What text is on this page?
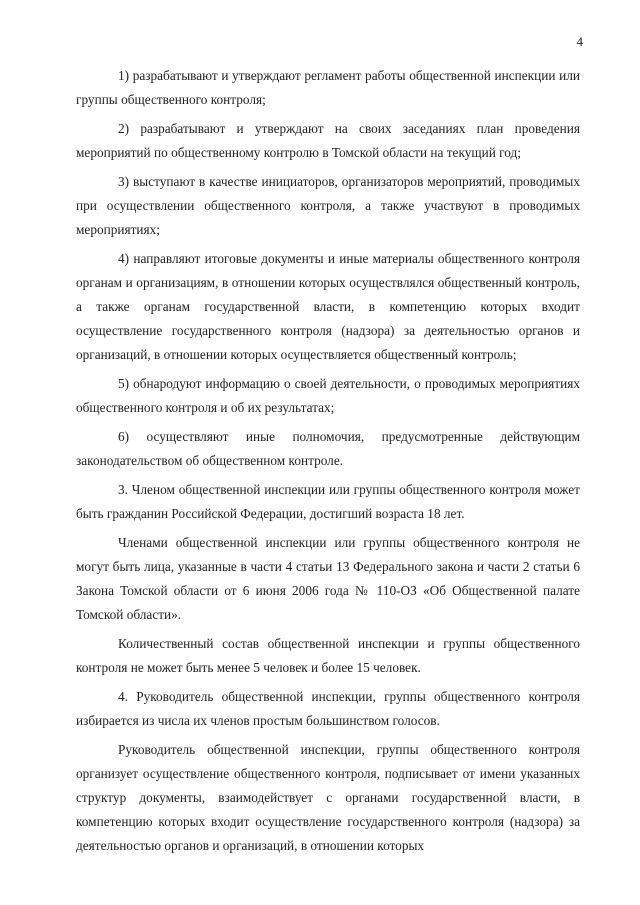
4

1) разрабатывают и утверждают регламент работы общественной инспекции или группы общественного контроля;

2) разрабатывают и утверждают на своих заседаниях план проведения мероприятий по общественному контролю в Томской области на текущий год;

3) выступают в качестве инициаторов, организаторов мероприятий, проводимых при осуществлении общественного контроля, а также участвуют в проводимых мероприятиях;

4) направляют итоговые документы и иные материалы общественного контроля органам и организациям, в отношении которых осуществлялся общественный контроль, а также органам государственной власти, в компетенцию которых входит осуществление государственного контроля (надзора) за деятельностью органов и организаций, в отношении которых осуществляется общественный контроль;

5) обнародуют информацию о своей деятельности, о проводимых мероприятиях общественного контроля и об их результатах;

6) осуществляют иные полномочия, предусмотренные действующим законодательством об общественном контроле.

3. Членом общественной инспекции или группы общественного контроля может быть гражданин Российской Федерации, достигший возраста 18 лет.

Членами общественной инспекции или группы общественного контроля не могут быть лица, указанные в части 4 статьи 13 Федерального закона и части 2 статьи 6 Закона Томской области от 6 июня 2006 года № 110-ОЗ «Об Общественной палате Томской области».

Количественный состав общественной инспекции и группы общественного контроля не может быть менее 5 человек и более 15 человек.

4. Руководитель общественной инспекции, группы общественного контроля избирается из числа их членов простым большинством голосов.

Руководитель общественной инспекции, группы общественного контроля организует осуществление общественного контроля, подписывает от имени указанных структур документы, взаимодействует с органами государственной власти, в компетенцию которых входит осуществление государственного контроля (надзора) за деятельностью органов и организаций, в отношении которых
